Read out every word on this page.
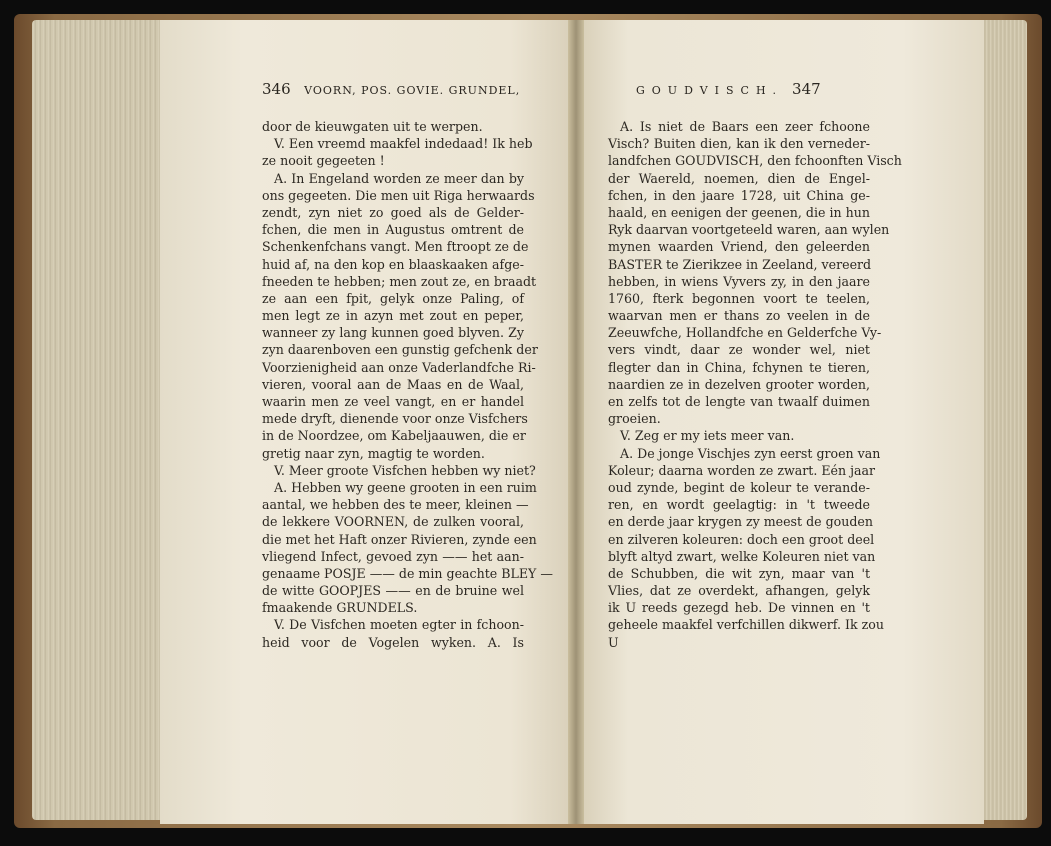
346 VOORN, POS. GOVIE. GRUNDEL,	GOUDVISCH. 347
door de kieuwgaten uit te werpen.
V. Een vreemd maakfel indedaad! Ik heb
ze nooit gegeeten !
A. In Engeland worden ze meer dan by
ons gegeeten. Die men uit Riga herwaards
zendt, zyn niet zo goed als de Gelder-
fchen, die men in Augustus omtrent de
Schenkenfchans vangt. Men ftroopt ze de
huid af, na den kop en blaaskaaken afge-
fneeden te hebben; men zout ze, en braadt
ze aan een fpit, gelyk onze Paling, of
men legt ze in azyn met zout en peper,
wanneer zy lang kunnen goed blyven. Zy
zyn daarenboven een gunstig gefchenk der
Voorzienigheid aan onze Vaderlandfche Ri-
vieren, vooral aan de Maas en de Waal,
waarin men ze veel vangt, en er handel
mede dryft, dienende voor onze Visfchers
in de Noordzee, om Kabeljaauwen, die er
gretig naar zyn, magtig te worden.
V. Meer groote Visfchen hebben wy niet?
A. Hebben wy geene grooten in een ruim
aantal, we hebben des te meer, kleinen —
de lekkere VOORNEN, de zulken vooral,
die met het Haft onzer Rivieren, zynde een
vliegend Infect, gevoed zyn —— het aan-
genaame POSJE —— de min geachte BLEY —
de witte GOOPJES —— en de bruine wel
fmaakende GRUNDELS.
V. De Visfchen moeten egter in fchoon-
heid voor de Vogelen wyken. A. Is
A. Is niet de Baars een zeer fchoone
Visch? Buiten dien, kan ik den verneder-
landfchen GOUDVISCH, den fchoonften Visch
der Waereld, noemen, dien de Engel-
fchen, in den jaare 1728, uit China ge-
haald, en eenigen der geenen, die in hun
Ryk daarvan voortgeteeld waren, aan wylen
mynen waarden Vriend, den geleerden
BASTER te Zierikzee in Zeeland, vereerd
hebben, in wiens Vyvers zy, in den jaare
1760, fterk begonnen voort te teelen,
waarvan men er thans zo veelen in de
Zeeuwfche, Hollandfche en Gelderfche Vy-
vers vindt, daar ze wonder wel, niet
flegter dan in China, fchynen te tieren,
naardien ze in dezelven grooter worden,
en zelfs tot de lengte van twaalf duimen
groeien.
V. Zeg er my iets meer van.
A. De jonge Vischjes zyn eerst groen van
Koleur; daarna worden ze zwart. Eén jaar
oud zynde, begint de koleur te verande-
ren, en wordt geelagtig: in 't tweede
en derde jaar krygen zy meest de gouden
en zilveren koleuren: doch een groot deel
blyft altyd zwart, welke Koleuren niet van
de Schubben, die wit zyn, maar van 't
Vlies, dat ze overdekt, afhangen, gelyk
ik U reeds gezegd heb. De vinnen en 't
geheele maakfel verfchillen dikwerf. Ik zou
U
